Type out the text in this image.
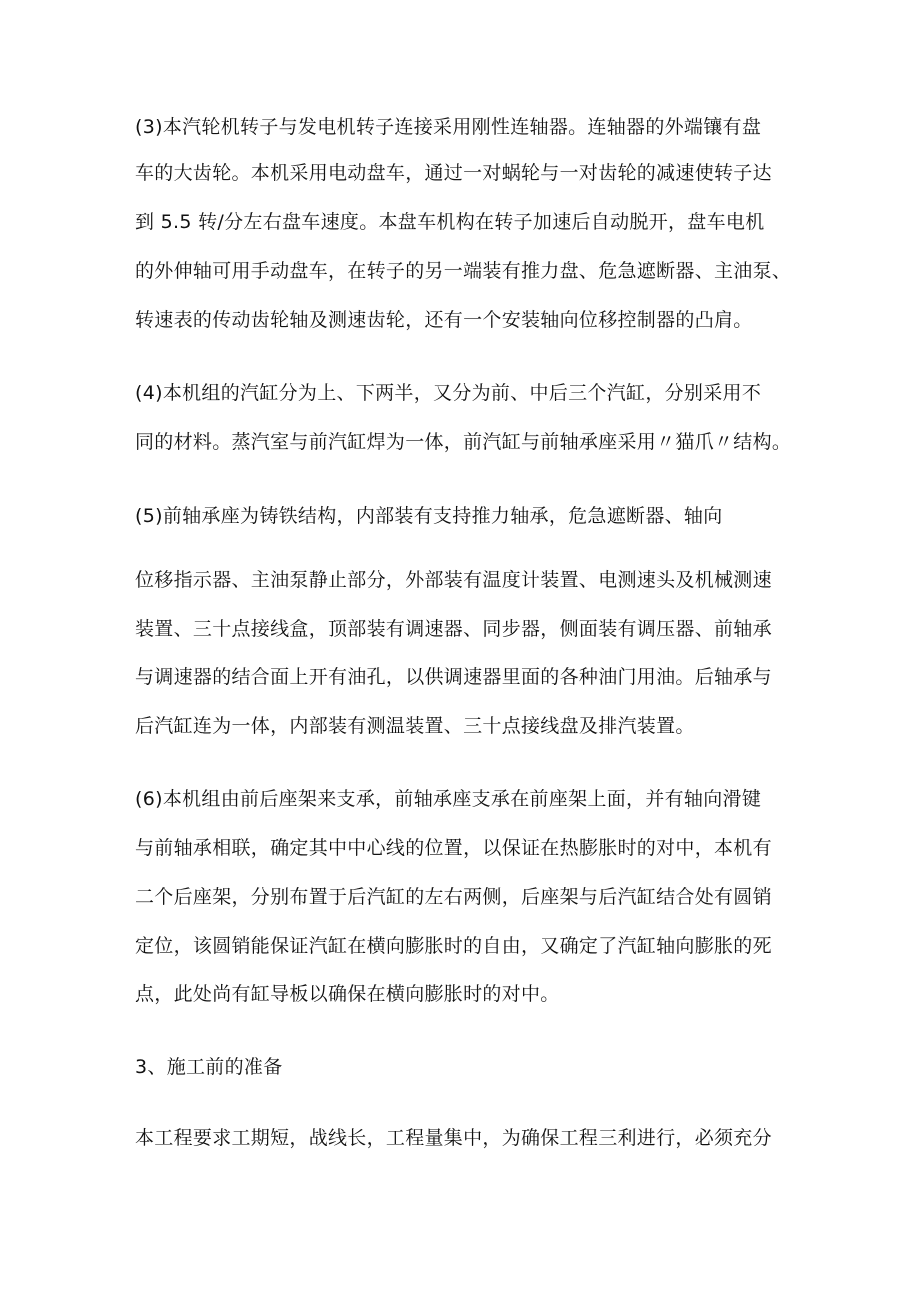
(3)本汽轮机转子与发电机转子连接采用刚性连轴器。连轴器的外端镶有盘
车的大齿轮。本机采用电动盘车，通过一对蜗轮与一对齿轮的减速使转子达
到 5.5 转/分左右盘车速度。本盘车机构在转子加速后自动脱开，盘车电机
的外伸轴可用手动盘车，在转子的另一端装有推力盘、危急遮断器、主油泵、
转速表的传动齿轮轴及测速齿轮，还有一个安装轴向位移控制器的凸肩。
(4)本机组的汽缸分为上、下两半，又分为前、中后三个汽缸，分别采用不
同的材料。蒸汽室与前汽缸焊为一体，前汽缸与前轴承座采用〃猫爪〃结构。
(5)前轴承座为铸铁结构，内部装有支持推力轴承，危急遮断器、轴向
位移指示器、主油泵静止部分，外部装有温度计装置、电测速头及机械测速
装置、三十点接线盒，顶部装有调速器、同步器，侧面装有调压器、前轴承
与调速器的结合面上开有油孔，以供调速器里面的各种油门用油。后轴承与
后汽缸连为一体，内部装有测温装置、三十点接线盘及排汽装置。
(6)本机组由前后座架来支承，前轴承座支承在前座架上面，并有轴向滑键
与前轴承相联，确定其中中心线的位置，以保证在热膨胀时的对中，本机有
二个后座架，分别布置于后汽缸的左右两侧，后座架与后汽缸结合处有圆销
定位，该圆销能保证汽缸在横向膨胀时的自由，又确定了汽缸轴向膨胀的死
点，此处尚有缸导板以确保在横向膨胀时的对中。
3、施工前的准备
本工程要求工期短，战线长，工程量集中，为确保工程三利进行，必须充分
